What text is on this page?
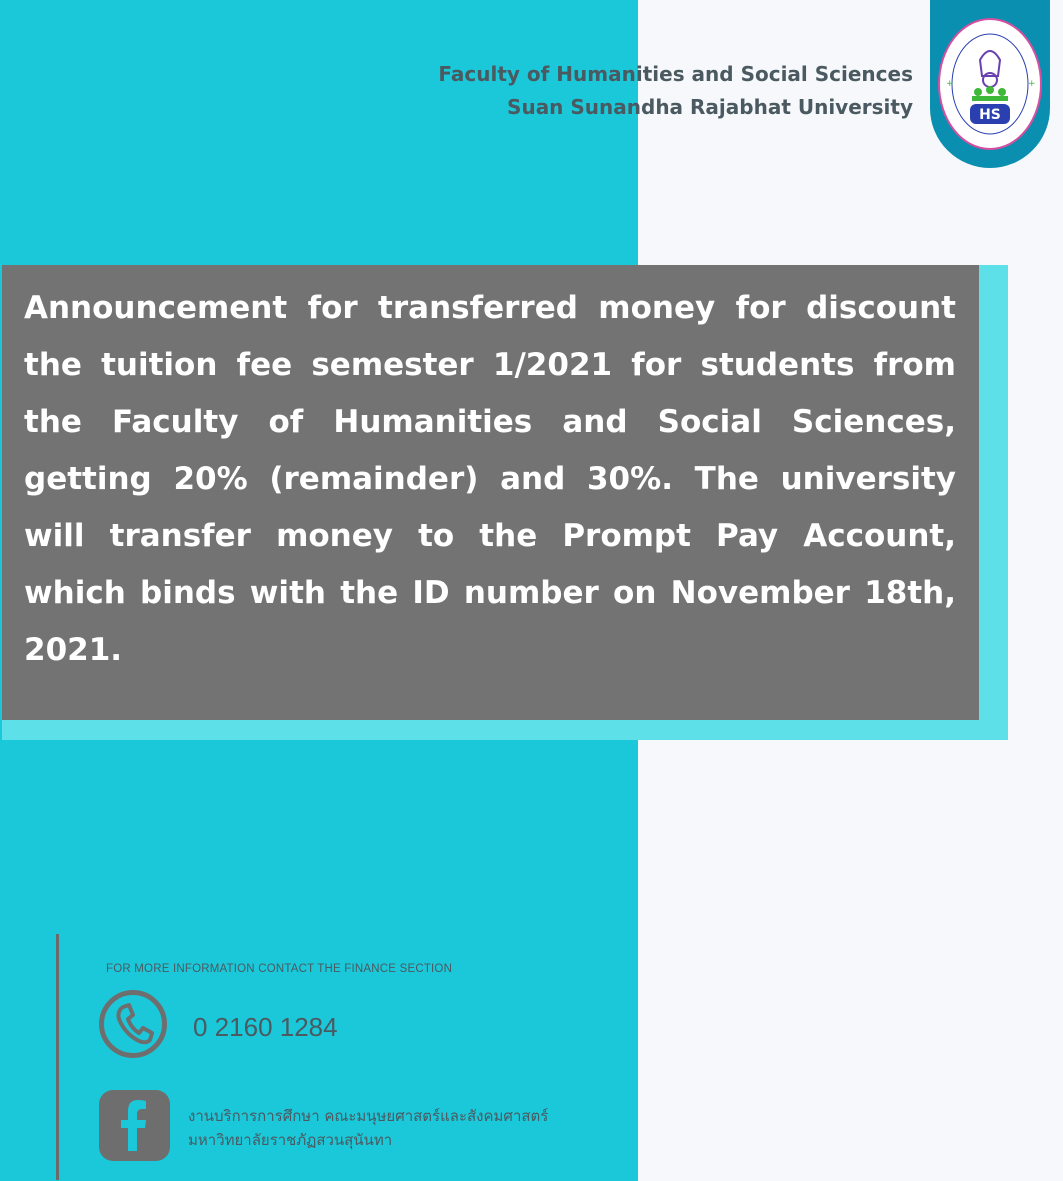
Faculty of Humanities and Social Sciences
Suan Sunandha Rajabhat University	HS
+	+

Announcement for transferred money for discount the tuition fee semester 1/2021 for students from the Faculty of Humanities and Social Sciences, getting 20% (remainder) and 30%. The university will transfer money to the Prompt Pay Account, which binds with the ID number on November 18th, 2021.

FOR MORE INFORMATION CONTACT THE FINANCE SECTION
0 2160 1284
งานบริการการศึกษา คณะมนุษยศาสตร์และสังคมศาสตร์
มหาวิทยาลัยราชภัฏสวนสุนันทา
